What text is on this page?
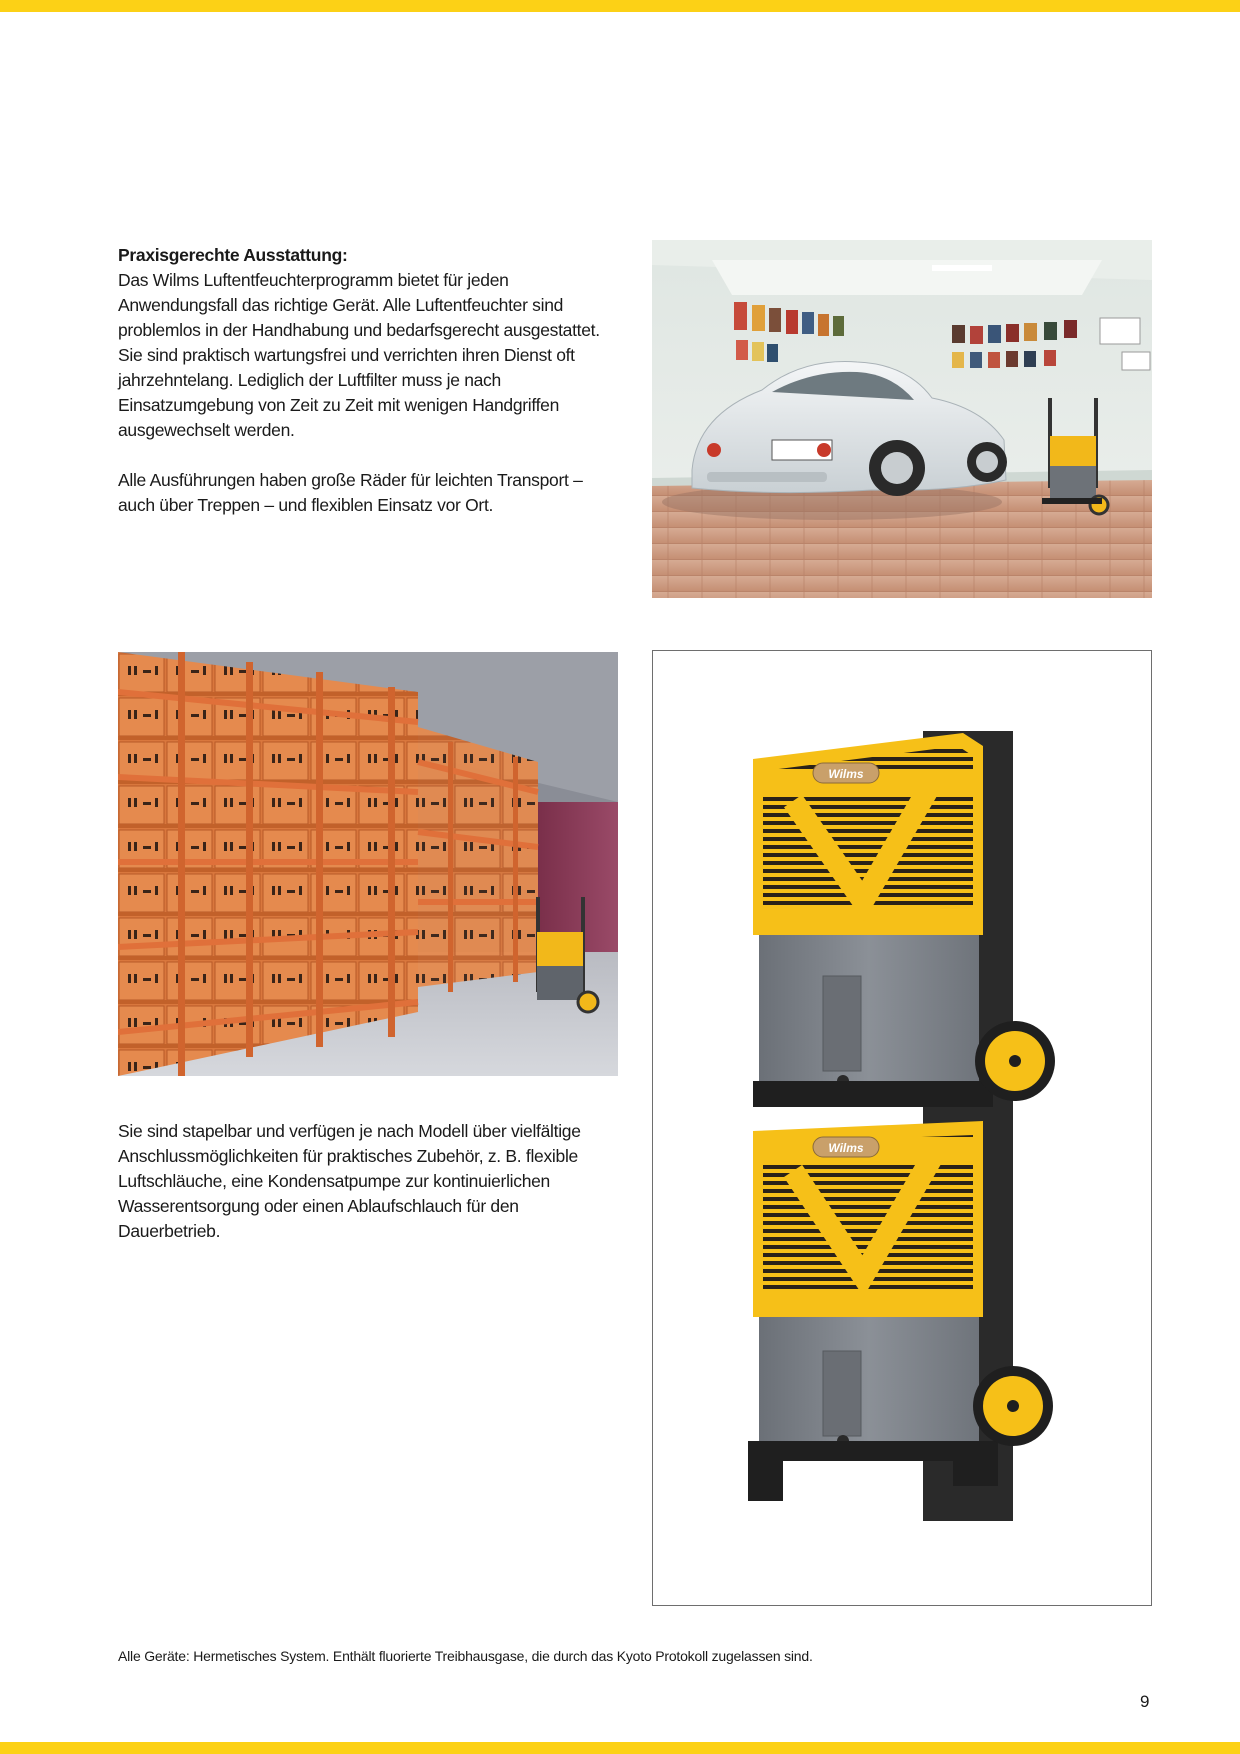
Praxisgerechte Ausstattung:

Das Wilms Luftentfeuchterprogramm bietet für jeden Anwendungsfall das richtige Gerät. Alle Luftentfeuchter sind problemlos in der Handhabung und bedarfsgerecht ausgestattet. Sie sind praktisch wartungsfrei und verrichten ihren Dienst oft jahrzehntelang. Lediglich der Luftfilter muss je nach Einsatzumgebung von Zeit zu Zeit mit wenigen Handgriffen ausgewechselt werden.

Alle Ausführungen haben große Räder für leichten Transport – auch über Treppen – und flexiblen Einsatz vor Ort.

Wilms
Wilms

Sie sind stapelbar und verfügen je nach Modell über vielfältige Anschlussmöglichkeiten für praktisches Zubehör, z. B. flexible Luftschläuche, eine Kondensatpumpe zur kontinuierlichen Wasserentsorgung oder einen Ablaufschlauch für den Dauerbetrieb.

Alle Geräte: Hermetisches System. Enthält fluorierte Treibhausgase, die durch das Kyoto Protokoll zugelassen sind.
9
